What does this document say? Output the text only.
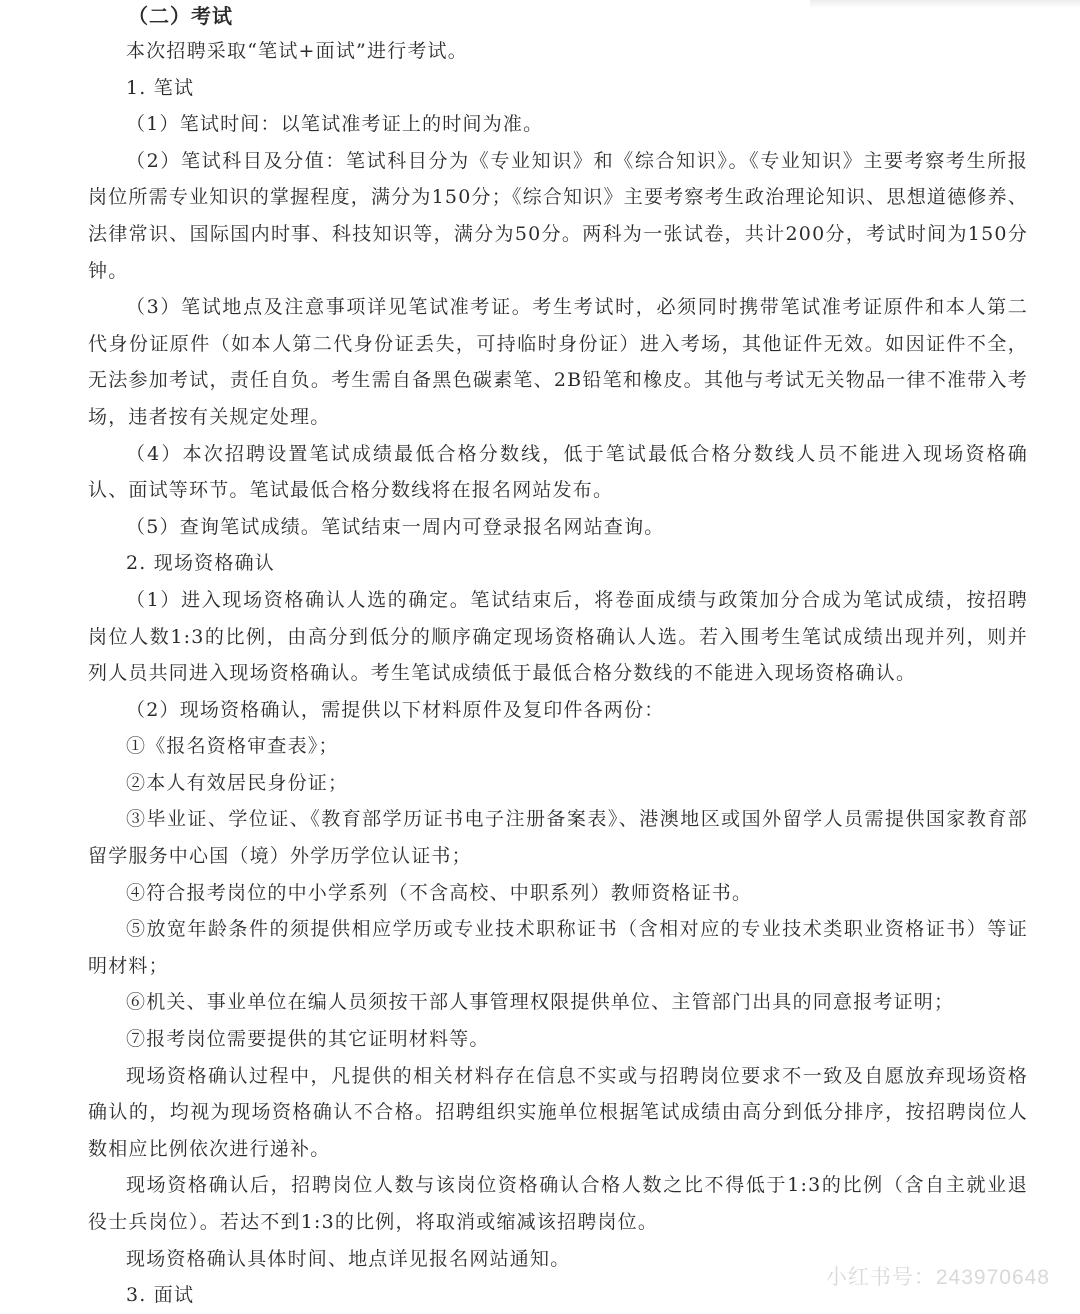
（二）考试

本次招聘采取“笔试+面试”进行考试。

1. 笔试

（1）笔试时间：以笔试准考证上的时间为准。

（2）笔试科目及分值：笔试科目分为《专业知识》和《综合知识》。《专业知识》主要考察考生所报岗位所需专业知识的掌握程度，满分为150分；《综合知识》主要考察考生政治理论知识、思想道德修养、法律常识、国际国内时事、科技知识等，满分为50分。两科为一张试卷，共计200分，考试时间为150分钟。

（3）笔试地点及注意事项详见笔试准考证。考生考试时，必须同时携带笔试准考证原件和本人第二代身份证原件（如本人第二代身份证丢失，可持临时身份证）进入考场，其他证件无效。如因证件不全，无法参加考试，责任自负。考生需自备黑色碳素笔、2B铅笔和橡皮。其他与考试无关物品一律不准带入考场，违者按有关规定处理。

（4）本次招聘设置笔试成绩最低合格分数线，低于笔试最低合格分数线人员不能进入现场资格确认、面试等环节。笔试最低合格分数线将在报名网站发布。

（5）查询笔试成绩。笔试结束一周内可登录报名网站查询。

2. 现场资格确认

（1）进入现场资格确认人选的确定。笔试结束后，将卷面成绩与政策加分合成为笔试成绩，按招聘岗位人数1:3的比例，由高分到低分的顺序确定现场资格确认人选。若入围考生笔试成绩出现并列，则并列人员共同进入现场资格确认。考生笔试成绩低于最低合格分数线的不能进入现场资格确认。

（2）现场资格确认，需提供以下材料原件及复印件各两份：

①《报名资格审查表》；

②本人有效居民身份证；

③毕业证、学位证、《教育部学历证书电子注册备案表》、港澳地区或国外留学人员需提供国家教育部留学服务中心国（境）外学历学位认证书；

④符合报考岗位的中小学系列（不含高校、中职系列）教师资格证书。

⑤放宽年龄条件的须提供相应学历或专业技术职称证书（含相对应的专业技术类职业资格证书）等证明材料；

⑥机关、事业单位在编人员须按干部人事管理权限提供单位、主管部门出具的同意报考证明；

⑦报考岗位需要提供的其它证明材料等。

现场资格确认过程中，凡提供的相关材料存在信息不实或与招聘岗位要求不一致及自愿放弃现场资格确认的，均视为现场资格确认不合格。招聘组织实施单位根据笔试成绩由高分到低分排序，按招聘岗位人数相应比例依次进行递补。

现场资格确认后，招聘岗位人数与该岗位资格确认合格人数之比不得低于1:3的比例（含自主就业退役士兵岗位）。若达不到1:3的比例，将取消或缩减该招聘岗位。

现场资格确认具体时间、地点详见报名网站通知。

3. 面试

小红书号：243970648
